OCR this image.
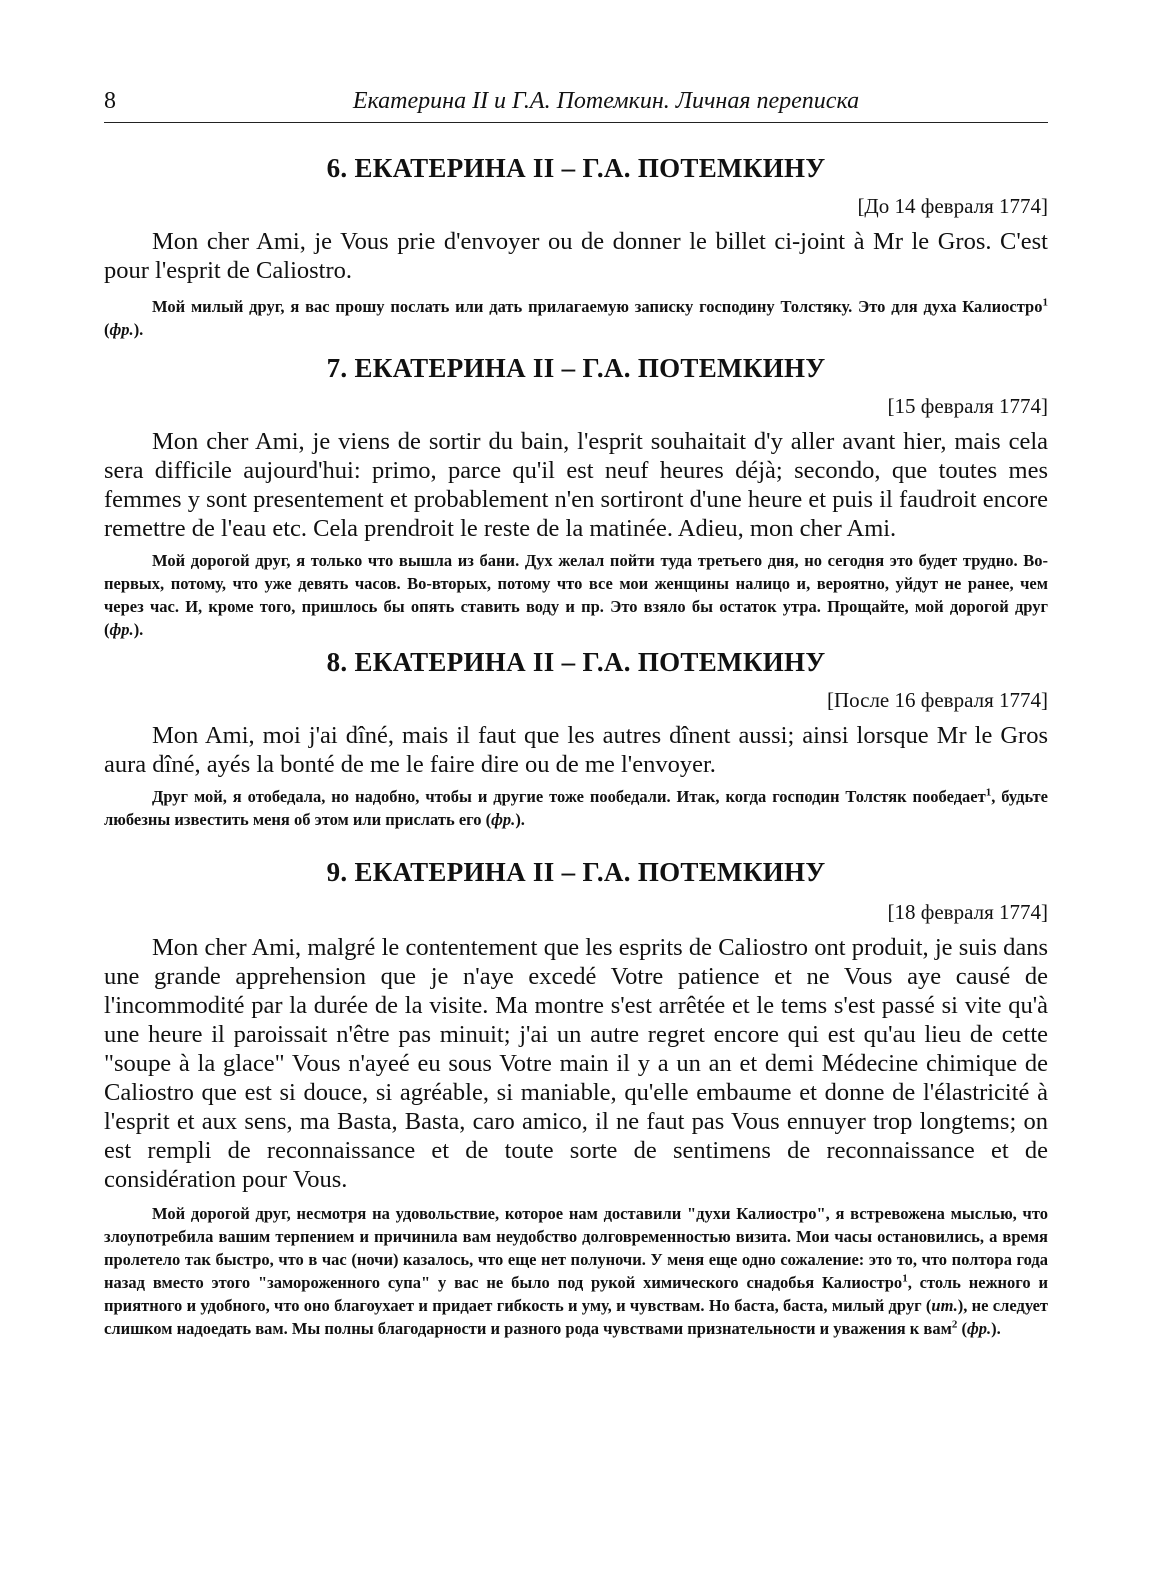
8	Екатерина II и Г.А. Потемкин. Личная переписка
6. ЕКАТЕРИНА II – Г.А. ПОТЕМКИНУ

[До 14 февраля 1774]

Mon cher Ami, je Vous prie d'envoyer ou de donner le billet ci-joint à Mr le Gros. C'est pour l'esprit de Caliostro.

Мой милый друг, я вас прошу послать или дать прилагаемую записку господину Толстяку. Это для духа Калиостро$^1$ (фр.).

7. ЕКАТЕРИНА II – Г.А. ПОТЕМКИНУ

[15 февраля 1774]

Mon cher Ami, je viens de sortir du bain, l'esprit souhaitait d'y aller avant hier, mais cela sera difficile aujourd'hui: primo, parce qu'il est neuf heures déjà; secondo, que toutes mes femmes y sont presentement et probablement n'en sortiront d'une heure et puis il faudroit encore remettre de l'eau etc. Cela prendroit le reste de la matinée. Adieu, mon cher Ami.

Мой дорогой друг, я только что вышла из бани. Дух желал пойти туда третьего дня, но сегодня это будет трудно. Во-первых, потому, что уже девять часов. Во-вторых, потому что все мои женщины налицо и, вероятно, уйдут не ранее, чем через час. И, кроме того, пришлось бы опять ставить воду и пр. Это взяло бы остаток утра. Прощайте, мой дорогой друг (фр.).

8. ЕКАТЕРИНА II – Г.А. ПОТЕМКИНУ

[После 16 февраля 1774]

Mon Ami, moi j'ai dîné, mais il faut que les autres dînent aussi; ainsi lorsque Mr le Gros aura dîné, ayés la bonté de me le faire dire ou de me l'envoyer.

Друг мой, я отобедала, но надобно, чтобы и другие тоже пообедали. Итак, когда господин Толстяк пообедает$^1$, будьте любезны известить меня об этом или прислать его (фр.).

9. ЕКАТЕРИНА II – Г.А. ПОТЕМКИНУ

[18 февраля 1774]

Mon cher Ami, malgré le contentement que les esprits de Caliostro ont produit, je suis dans une grande apprehension que je n'aye excedé Votre patience et ne Vous aye causé de l'incommodité par la durée de la visite. Ma montre s'est arrêtée et le tems s'est passé si vite qu'à une heure il paroissait n'être pas minuit; j'ai un autre regret encore qui est qu'au lieu de cette "soupe à la glace" Vous n'ayeé eu sous Votre main il y a un an et demi Médecine chimique de Caliostro que est si douce, si agréable, si maniable, qu'elle embaume et donne de l'élastricité à l'esprit et aux sens, ma Basta, Basta, caro amico, il ne faut pas Vous ennuyer trop longtems; on est rempli de reconnaissance et de toute sorte de sentimens de reconnaissance et de considération pour Vous.

Мой дорогой друг, несмотря на удовольствие, которое нам доставили "духи Калиостро", я встревожена мыслью, что злоупотребила вашим терпением и причинила вам неудобство долговременностью визита. Мои часы остановились, а время пролетело так быстро, что в час (ночи) казалось, что еще нет полуночи. У меня еще одно сожаление: это то, что полтора года назад вместо этого "замороженного супа" у вас не было под рукой химического снадобья Калиостро$^1$, столь нежного и приятного и удобного, что оно благоухает и придает гибкость и уму, и чувствам. Но баста, баста, милый друг (ит.), не следует слишком надоедать вам. Мы полны благодарности и разного рода чувствами признательности и уважения к вам$^2$ (фр.).
